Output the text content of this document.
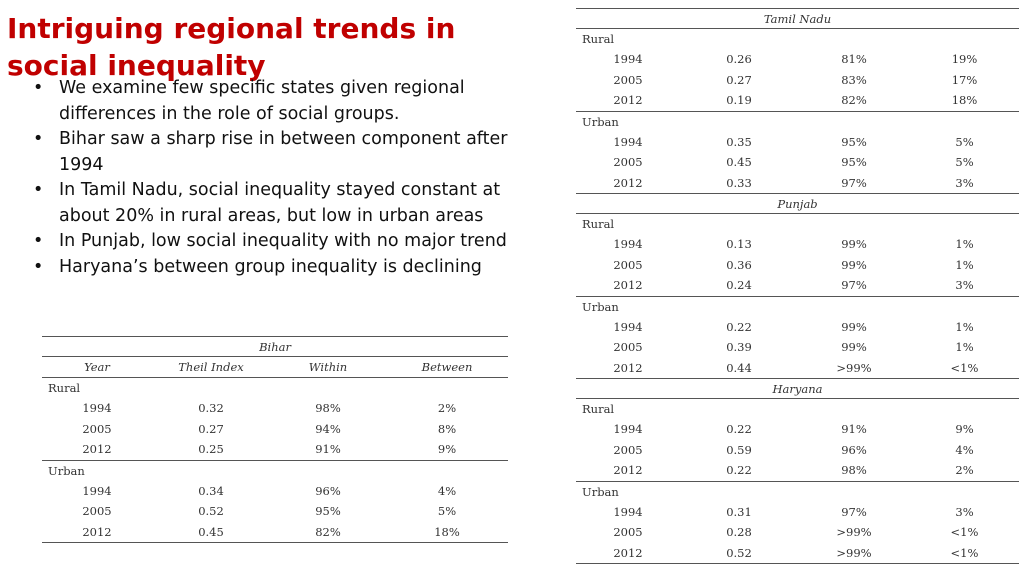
Intriguing regional trends in social inequality
• We examine few specific states given regional differences in the role of social groups.
• Bihar saw a sharp rise in between component after 1994
• In Tamil Nadu, social inequality stayed constant at about 20% in rural areas, but low in urban areas
• In Punjab, low social inequality with no major trend
• Haryana’s between group inequality is declining
Bihar			
Year	Theil Index	Within	Between
Rural			
1994	0.32	98%	2%
2005	0.27	94%	8%
2012	0.25	91%	9%
Urban			
1994	0.34	96%	4%
2005	0.52	95%	5%
2012	0.45	82%	18%
Tamil Nadu			
Rural			
1994	0.26	81%	19%
2005	0.27	83%	17%
2012	0.19	82%	18%
Urban			
1994	0.35	95%	5%
2005	0.45	95%	5%
2012	0.33	97%	3%
Punjab			
Rural			
1994	0.13	99%	1%
2005	0.36	99%	1%
2012	0.24	97%	3%
Urban			
1994	0.22	99%	1%
2005	0.39	99%	1%
2012	0.44	>99%	<1%
Haryana			
Rural			
1994	0.22	91%	9%
2005	0.59	96%	4%
2012	0.22	98%	2%
Urban			
1994	0.31	97%	3%
2005	0.28	>99%	<1%
2012	0.52	>99%	<1%
